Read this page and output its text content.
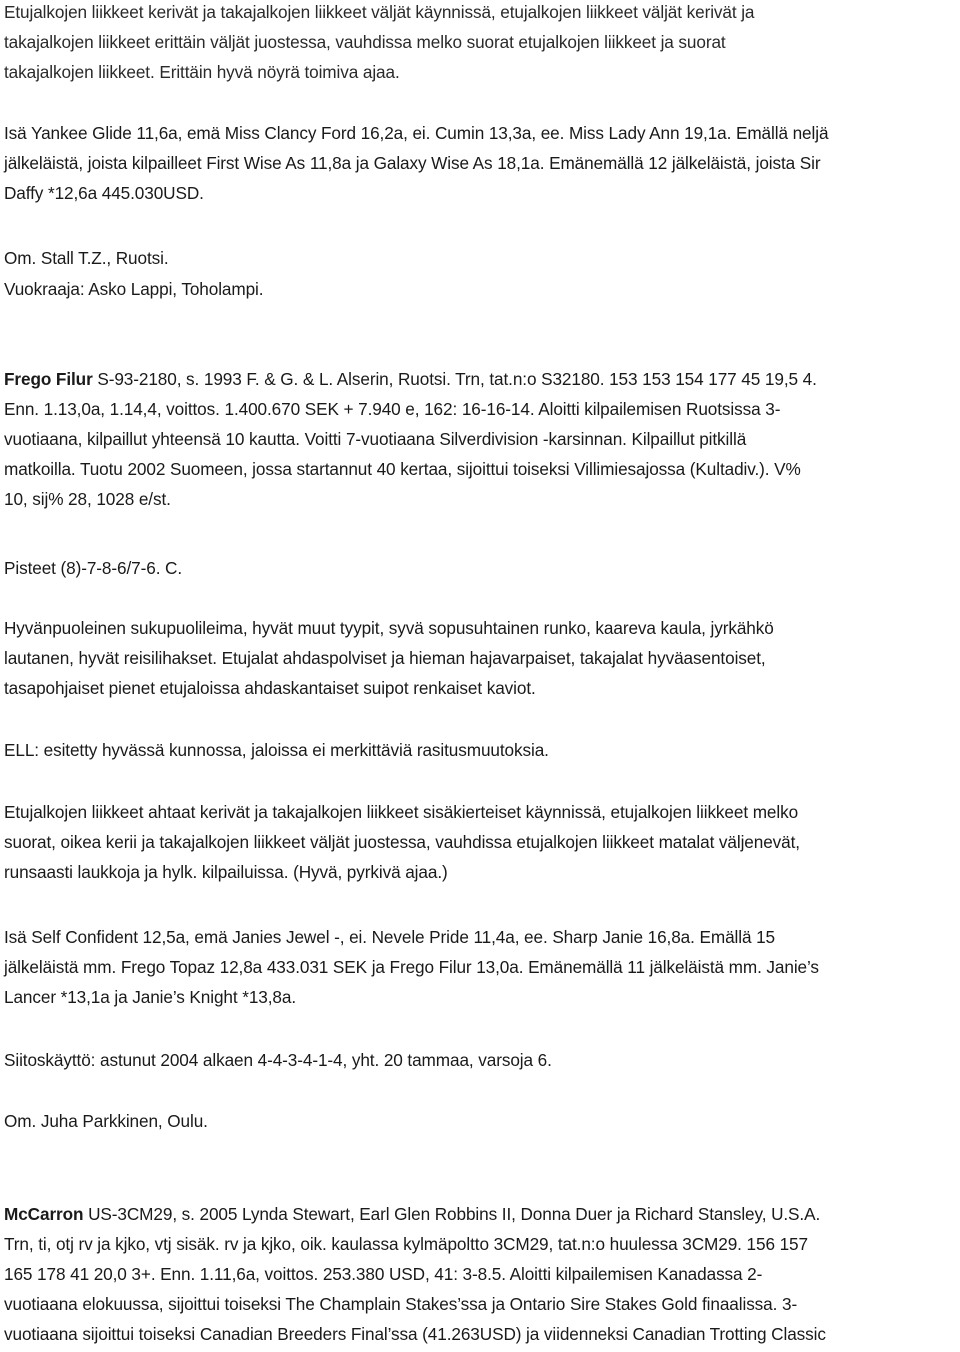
Etujalkojen liikkeet kerivät ja takajalkojen liikkeet väljät käynnissä, etujalkojen liikkeet väljät kerivät ja
takajalkojen liikkeet erittäin väljät juostessa, vauhdissa melko suorat etujalkojen liikkeet ja suorat
takajalkojen liikkeet. Erittäin hyvä nöyrä toimiva ajaa.

Isä Yankee Glide 11,6a, emä Miss Clancy Ford 16,2a, ei. Cumin 13,3a, ee. Miss Lady Ann 19,1a. Emällä neljä
jälkeläistä, joista kilpailleet First Wise As 11,8a ja Galaxy Wise As 18,1a. Emänemällä 12 jälkeläistä, joista Sir
Daffy *12,6a 445.030USD.

Om. Stall T.Z., Ruotsi.

Vuokraaja: Asko Lappi, Toholampi.

Frego Filur S-93-2180, s. 1993 F. & G. & L. Alserin, Ruotsi. Trn, tat.n:o S32180. 153 153 154 177 45 19,5 4.
Enn. 1.13,0a, 1.14,4, voittos. 1.400.670 SEK + 7.940 e, 162: 16-16-14. Aloitti kilpailemisen Ruotsissa 3-
vuotiaana, kilpaillut yhteensä 10 kautta. Voitti 7-vuotiaana Silverdivision -karsinnan. Kilpaillut pitkillä
matkoilla. Tuotu 2002 Suomeen, jossa startannut 40 kertaa, sijoittui toiseksi Villimiesajossa (Kultadiv.). V%
10, sij% 28, 1028 e/st.

Pisteet (8)-7-8-6/7-6. C.

Hyvänpuoleinen sukupuolileima, hyvät muut tyypit, syvä sopusuhtainen runko, kaareva kaula, jyrkähkö
lautanen, hyvät reisilihakset. Etujalat ahdaspolviset ja hieman hajavarpaiset, takajalat hyväasentoiset,
tasapohjaiset pienet etujaloissa ahdaskantaiset suipot renkaiset kaviot.

ELL: esitetty hyvässä kunnossa, jaloissa ei merkittäviä rasitusmuutoksia.

Etujalkojen liikkeet ahtaat kerivät ja takajalkojen liikkeet sisäkierteiset käynnissä, etujalkojen liikkeet melko
suorat, oikea kerii ja takajalkojen liikkeet väljät juostessa, vauhdissa etujalkojen liikkeet matalat väljenevät,
runsaasti laukkoja ja hylk. kilpailuissa. (Hyvä, pyrkivä ajaa.)

Isä Self Confident 12,5a, emä Janies Jewel -, ei. Nevele Pride 11,4a, ee. Sharp Janie 16,8a. Emällä 15
jälkeläistä mm. Frego Topaz 12,8a 433.031 SEK ja Frego Filur 13,0a. Emänemällä 11 jälkeläistä mm. Janie’s
Lancer *13,1a ja Janie’s Knight *13,8a.

Siitoskäyttö: astunut 2004 alkaen 4-4-3-4-1-4, yht. 20 tammaa, varsoja 6.

Om. Juha Parkkinen, Oulu.

McCarron US-3CM29, s. 2005 Lynda Stewart, Earl Glen Robbins II, Donna Duer ja Richard Stansley, U.S.A.
Trn, ti, otj rv ja kjko, vtj sisäk. rv ja kjko, oik. kaulassa kylmäpoltto 3CM29, tat.n:o huulessa 3CM29. 156 157
165 178 41 20,0 3+. Enn. 1.11,6a, voittos. 253.380 USD, 41: 3-8.5. Aloitti kilpailemisen Kanadassa 2-
vuotiaana elokuussa, sijoittui toiseksi The Champlain Stakes’ssa ja Ontario Sire Stakes Gold finaalissa. 3-
vuotiaana sijoittui toiseksi Canadian Breeders Final’ssa (41.263USD) ja viidenneksi Canadian Trotting Classic
